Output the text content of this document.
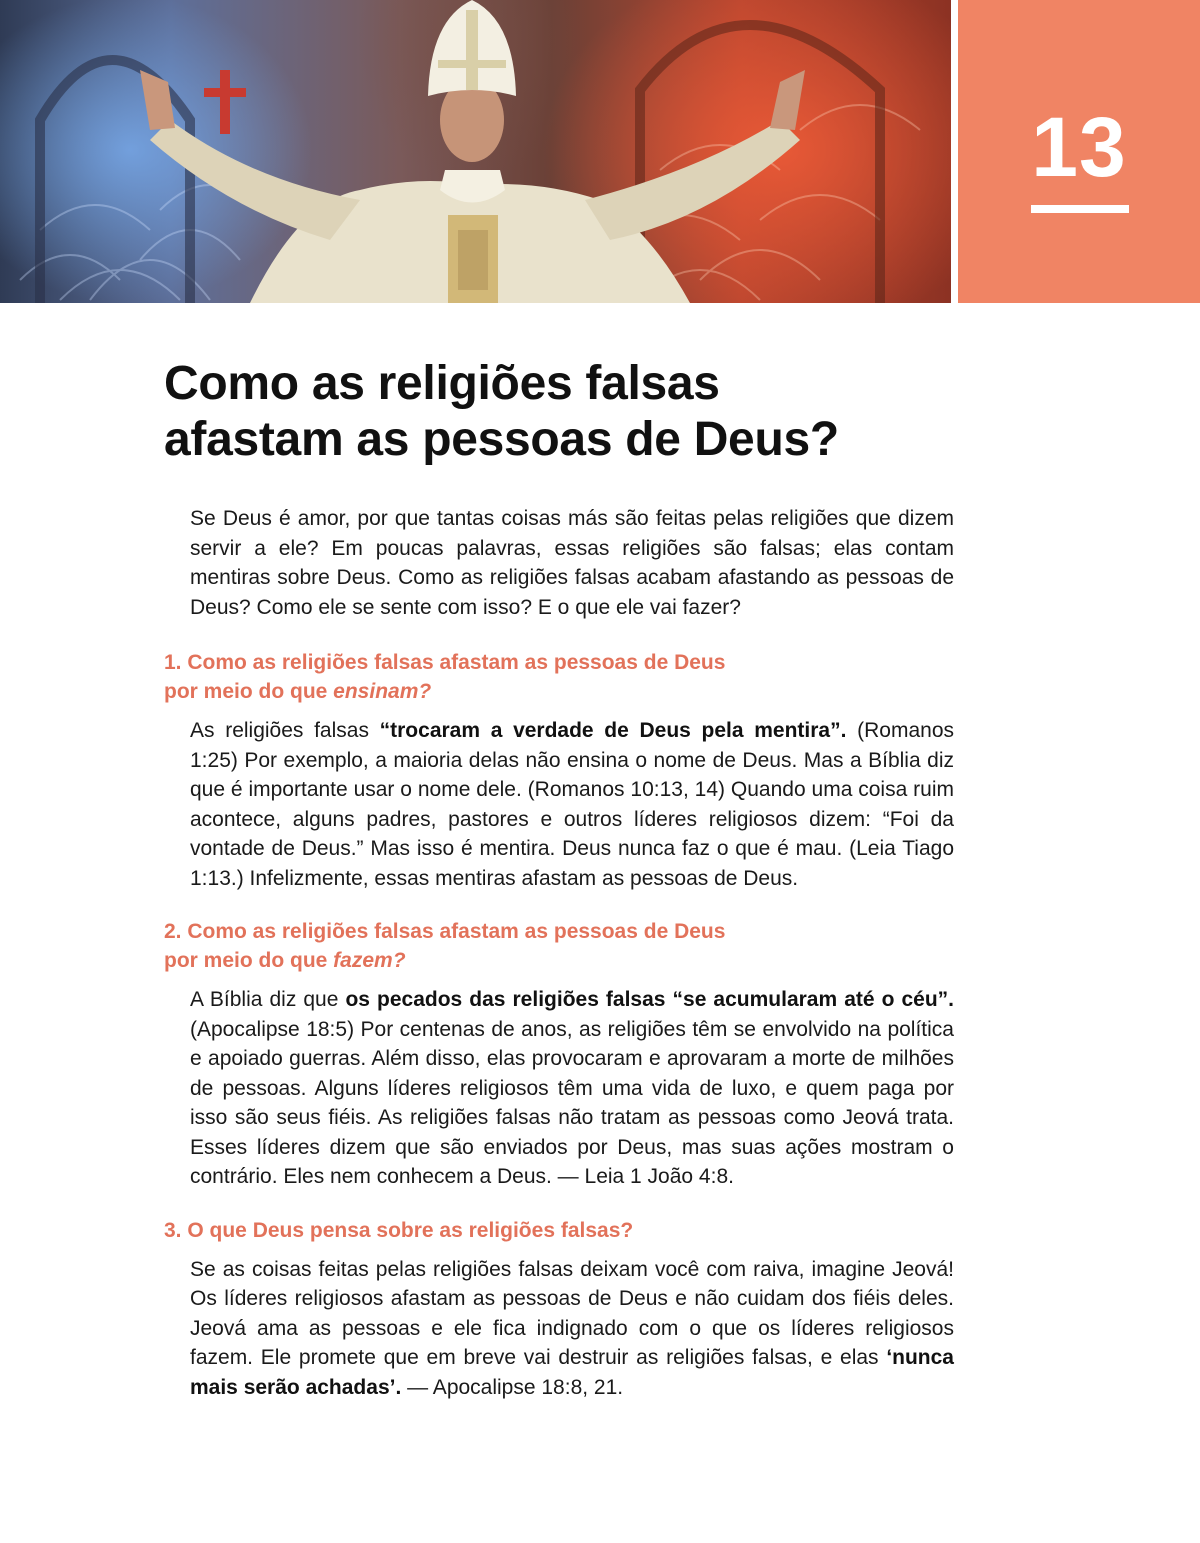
13
Como as religiões falsas
afastam as pessoas de Deus?

Se Deus é amor, por que tantas coisas más são feitas pelas religiões que dizem servir a ele? Em poucas palavras, essas religiões são falsas; elas contam mentiras sobre Deus. Como as religiões falsas acabam afastando as pessoas de Deus? Como ele se sente com isso? E o que ele vai fazer?

1. Como as religiões falsas afastam as pessoas de Deus
por meio do que ensinam?

As religiões falsas “trocaram a verdade de Deus pela mentira”. (Romanos 1:25) Por exemplo, a maioria delas não ensina o nome de Deus. Mas a Bíblia diz que é importante usar o nome dele. (Romanos 10:13, 14) Quando uma coisa ruim acontece, alguns padres, pastores e outros líderes religiosos dizem: “Foi da vontade de Deus.” Mas isso é mentira. Deus nunca faz o que é mau. (Leia Tiago 1:13.) Infelizmente, essas mentiras afastam as pessoas de Deus.

2. Como as religiões falsas afastam as pessoas de Deus
por meio do que fazem?

A Bíblia diz que os pecados das religiões falsas “se acumularam até o céu”. (Apocalipse 18:5) Por centenas de anos, as religiões têm se envolvido na política e apoiado guerras. Além disso, elas provocaram e aprovaram a morte de milhões de pessoas. Alguns líderes religiosos têm uma vida de luxo, e quem paga por isso são seus fiéis. As religiões falsas não tratam as pessoas como Jeová trata. Esses líderes dizem que são enviados por Deus, mas suas ações mostram o contrário. Eles nem conhecem a Deus. — Leia 1 João 4:8.

3. O que Deus pensa sobre as religiões falsas?

Se as coisas feitas pelas religiões falsas deixam você com raiva, imagine Jeová! Os líderes religiosos afastam as pessoas de Deus e não cuidam dos fiéis deles. Jeová ama as pessoas e ele fica indignado com o que os líderes religiosos fazem. Ele promete que em breve vai destruir as religiões falsas, e elas ‘nunca mais serão achadas’. — Apocalipse 18:8, 21.
